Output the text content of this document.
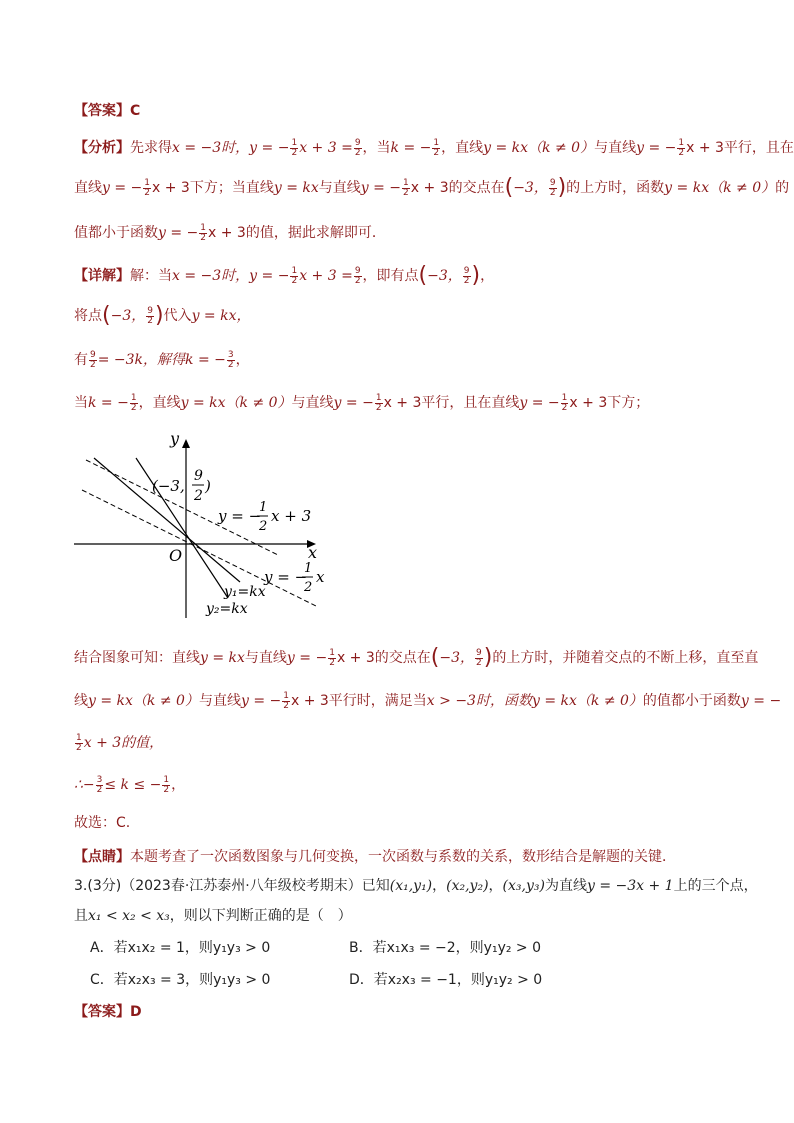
【答案】C
【分析】先求得x = −3时，y = − $\frac{1}{2}$ $x + 3 = \frac{9}{2}$ ，当k = − $\frac{1}{2}$ ，直线y = kx（k ≠ 0）与直线y = − $\frac{1}{2}$ x + 3平行，且在
直线y = − $\frac{1}{2}$ x + 3下方；当直线y = kx与直线y = − $\frac{1}{2}$ x + 3的交点在(−3， $\frac{9}{2}$ )的上方时，函数y = kx（k ≠ 0）的
值都小于函数y = − $\frac{1}{2}$ x + 3的值，据此求解即可．
【详解】解：当x = −3时，y = − $\frac{1}{2}$ $x + 3 = \frac{9}{2}$ ，即有点(−3， $\frac{9}{2}$ )，
将点(−3， $\frac{9}{2}$ )代入y = kx，
有 $\frac{9}{2} = -3k$，解得k = − $\frac{3}{2}$ ，
当k = − $\frac{1}{2}$ ，直线y = kx（k ≠ 0）与直线y = − $\frac{1}{2}$ x + 3平行，且在直线y = − $\frac{1}{2}$ x + 3下方；
x
y
O
(−3,
9
2
)
y = −
1
2
x + 3
y = −
1
2
x
y₁=kx
y₂=kx
结合图象可知：直线y = kx与直线y = − $\frac{1}{2}$ x + 3的交点在(−3， $\frac{9}{2}$ )的上方时，并随着交点的不断上移，直至直
线y = kx（k ≠ 0）与直线y = − $\frac{1}{2}$ x + 3平行时，满足当x > −3时，函数y = kx（k ≠ 0）的值都小于函数y = −
$\frac{1}{2}$ x + 3的值，
∴− $\frac{3}{2} \le k$ ≤ − $\frac{1}{2}$ ，
故选：C.
【点睛】本题考查了一次函数图象与几何变换，一次函数与系数的关系，数形结合是解题的关键．
3.(3分)（2023春·江苏泰州·八年级校考期末）已知(x₁,y₁)，(x₂,y₂)，(x₃,y₃)为直线y = −3x + 1上的三个点，
且x₁ < x₂ < x₃，则以下判断正确的是（　）
A．若x₁x₂ = 1，则y₁y₃ > 0	B．若x₁x₃ = −2，则y₁y₂ > 0
C．若x₂x₃ = 3，则y₁y₃ > 0	D．若x₂x₃ = −1，则y₁y₂ > 0
【答案】D
